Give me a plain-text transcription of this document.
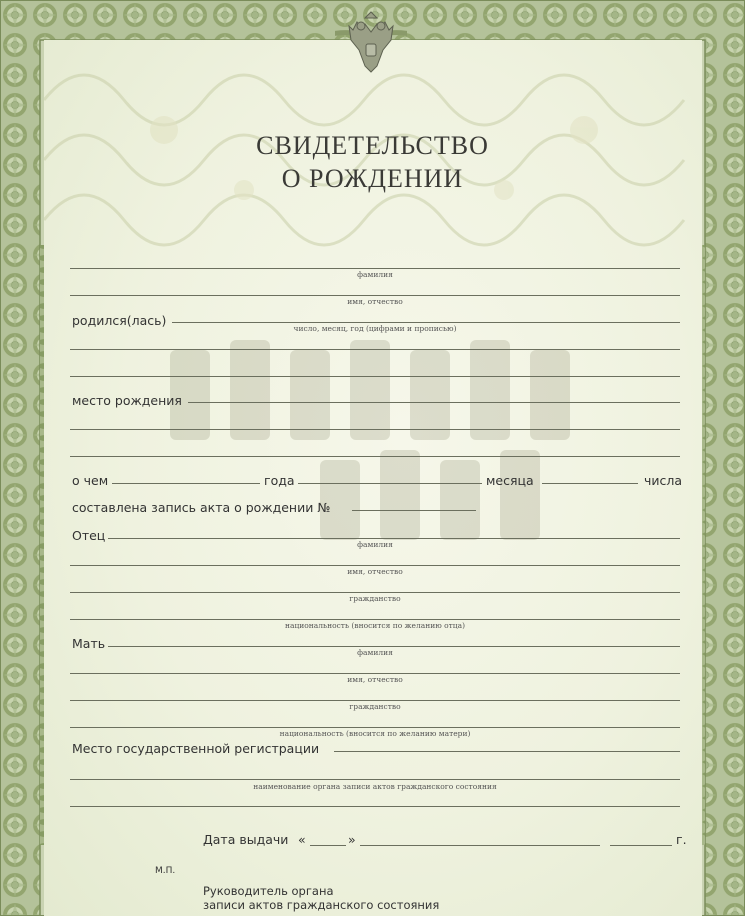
СВИДЕТЕЛЬСТВО
О РОЖДЕНИИ
фамилия
имя, отчество
родился(лась)
число, месяц, год (цифрами и прописью)
место рождения
о чем	года	месяца	числа
составлена запись акта о рождении №
Отец
фамилия
имя, отчество
гражданство
национальность (вносится по желанию отца)
Мать
фамилия
имя, отчество
гражданство
национальность (вносится по желанию матери)
Место государственной регистрации
наименование органа записи актов гражданского состояния
Дата выдачи «	»	г.
М.П.
Руководитель органа
записи актов гражданского состояния
